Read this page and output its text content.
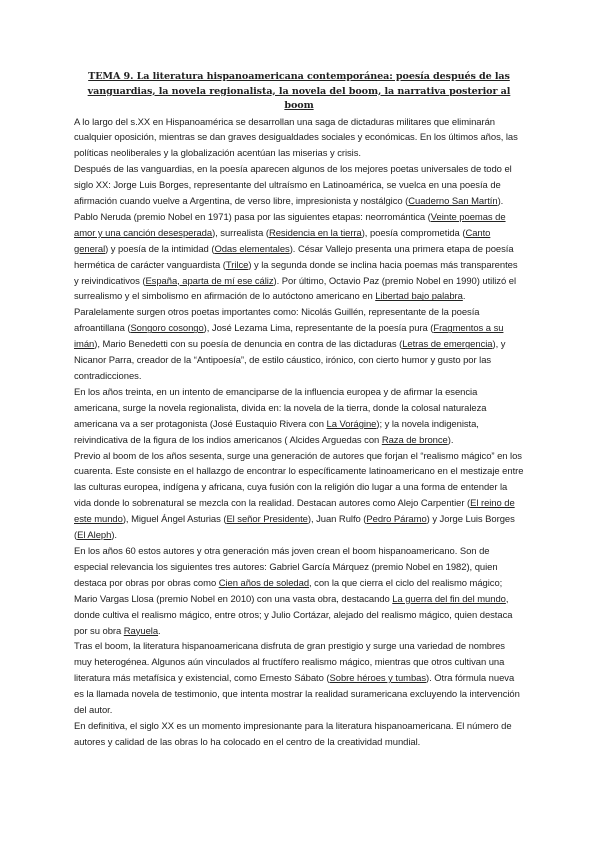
TEMA 9. La literatura hispanoamericana contemporánea: poesía después de las vanguardias, la novela regionalista, la novela del boom, la narrativa posterior al boom

A lo largo del s.XX en Hispanoamérica se desarrollan una saga de dictaduras militares que eliminarán cualquier oposición, mientras se dan graves desigualdades sociales y económicas. En los últimos años, las políticas neoliberales y la globalización acentúan las miserias y crisis.

Después de las vanguardias, en la poesía aparecen algunos de los mejores poetas universales de todo el siglo XX: Jorge Luis Borges, representante del ultraísmo en Latinoamérica, se vuelca en una poesía de afirmación cuando vuelve a Argentina, de verso libre, impresionista y nostálgico (Cuaderno San Martín). Pablo Neruda (premio Nobel en 1971) pasa por las siguientes etapas: neorromántica (Veinte poemas de amor y una canción desesperada), surrealista (Residencia en la tierra), poesía comprometida (Canto general) y poesía de la intimidad (Odas elementales). César Vallejo presenta una primera etapa de poesía hermética de carácter vanguardista (Trilce) y la segunda donde se inclina hacia poemas más transparentes y reivindicativos (España, aparta de mí ese cáliz). Por último, Octavio Paz (premio Nobel en 1990) utilizó el surrealismo y el simbolismo en afirmación de lo autóctono americano en Libertad bajo palabra. Paralelamente surgen otros poetas importantes como: Nicolás Guillén, representante de la poesía afroantillana (Songoro cosongo), José Lezama Lima, representante de la poesía pura (Fragmentos a su imán), Mario Benedetti con su poesía de denuncia en contra de las dictaduras (Letras de emergencia), y Nicanor Parra, creador de la “Antipoesía”, de estilo cáustico, irónico, con cierto humor y gusto por las contradicciones.

En los años treinta, en un intento de emanciparse de la influencia europea y de afirmar la esencia americana, surge la novela regionalista, divida en: la novela de la tierra, donde la colosal naturaleza americana va a ser protagonista (José Eustaquio Rivera con La Vorágine); y la novela indigenista, reivindicativa de la figura de los indios americanos ( Alcides Arguedas con Raza de bronce).

Previo al boom de los años sesenta, surge una generación de autores que forjan el “realismo mágico” en los cuarenta. Este consiste en el hallazgo de encontrar lo específicamente latinoamericano en el mestizaje entre las culturas europea, indígena y africana, cuya fusión con la religión dio lugar a una forma de entender la vida donde lo sobrenatural se mezcla con la realidad. Destacan autores como Alejo Carpentier (El reino de este mundo), Miguel Ángel Asturias (El señor Presidente), Juan Rulfo (Pedro Páramo) y Jorge Luis Borges (El Aleph).

En los años 60 estos autores y otra generación más joven crean el boom hispanoamericano. Son de especial relevancia los siguientes tres autores: Gabriel García Márquez (premio Nobel en 1982), quien destaca por obras por obras como Cien años de soledad, con la que cierra el ciclo del realismo mágico; Mario Vargas Llosa (premio Nobel en 2010) con una vasta obra, destacando La guerra del fin del mundo, donde cultiva el realismo mágico, entre otros; y Julio Cortázar, alejado del realismo mágico, quien destaca por su obra Rayuela.

Tras el boom, la literatura hispanoamericana disfruta de gran prestigio y surge una variedad de nombres muy heterogénea. Algunos aún vinculados al fructífero realismo mágico, mientras que otros cultivan una literatura más metafísica y existencial, como Ernesto Sábato (Sobre héroes y tumbas). Otra fórmula nueva es la llamada novela de testimonio, que intenta mostrar la realidad suramericana excluyendo la intervención del autor.

En definitiva, el siglo XX es un momento impresionante para la literatura hispanoamericana. El número de autores y calidad de las obras lo ha colocado en el centro de la creatividad mundial.
